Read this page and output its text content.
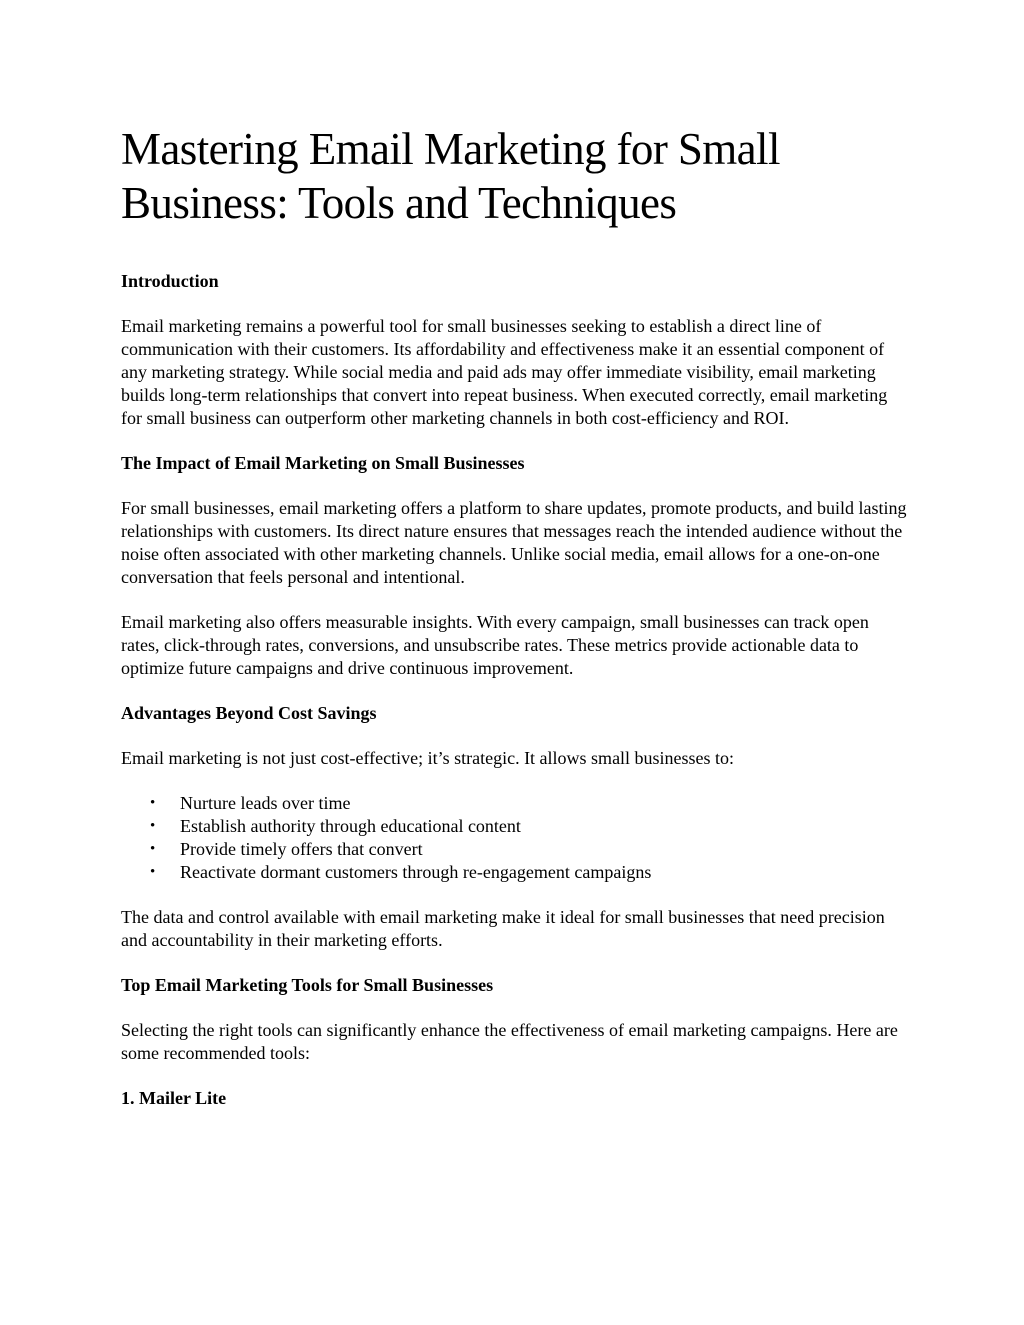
Mastering Email Marketing for Small Business: Tools and Techniques
Introduction

Email marketing remains a powerful tool for small businesses seeking to establish a direct line of communication with their customers. Its affordability and effectiveness make it an essential component of any marketing strategy. While social media and paid ads may offer immediate visibility, email marketing builds long-term relationships that convert into repeat business. When executed correctly, email marketing for small business can outperform other marketing channels in both cost-efficiency and ROI.

The Impact of Email Marketing on Small Businesses

For small businesses, email marketing offers a platform to share updates, promote products, and build lasting relationships with customers. Its direct nature ensures that messages reach the intended audience without the noise often associated with other marketing channels. Unlike social media, email allows for a one-on-one conversation that feels personal and intentional.

Email marketing also offers measurable insights. With every campaign, small businesses can track open rates, click-through rates, conversions, and unsubscribe rates. These metrics provide actionable data to optimize future campaigns and drive continuous improvement.

Advantages Beyond Cost Savings

Email marketing is not just cost-effective; it’s strategic. It allows small businesses to:

• Nurture leads over time
• Establish authority through educational content
• Provide timely offers that convert
• Reactivate dormant customers through re-engagement campaigns

The data and control available with email marketing make it ideal for small businesses that need precision and accountability in their marketing efforts.

Top Email Marketing Tools for Small Businesses

Selecting the right tools can significantly enhance the effectiveness of email marketing campaigns. Here are some recommended tools:

1. Mailer Lite
